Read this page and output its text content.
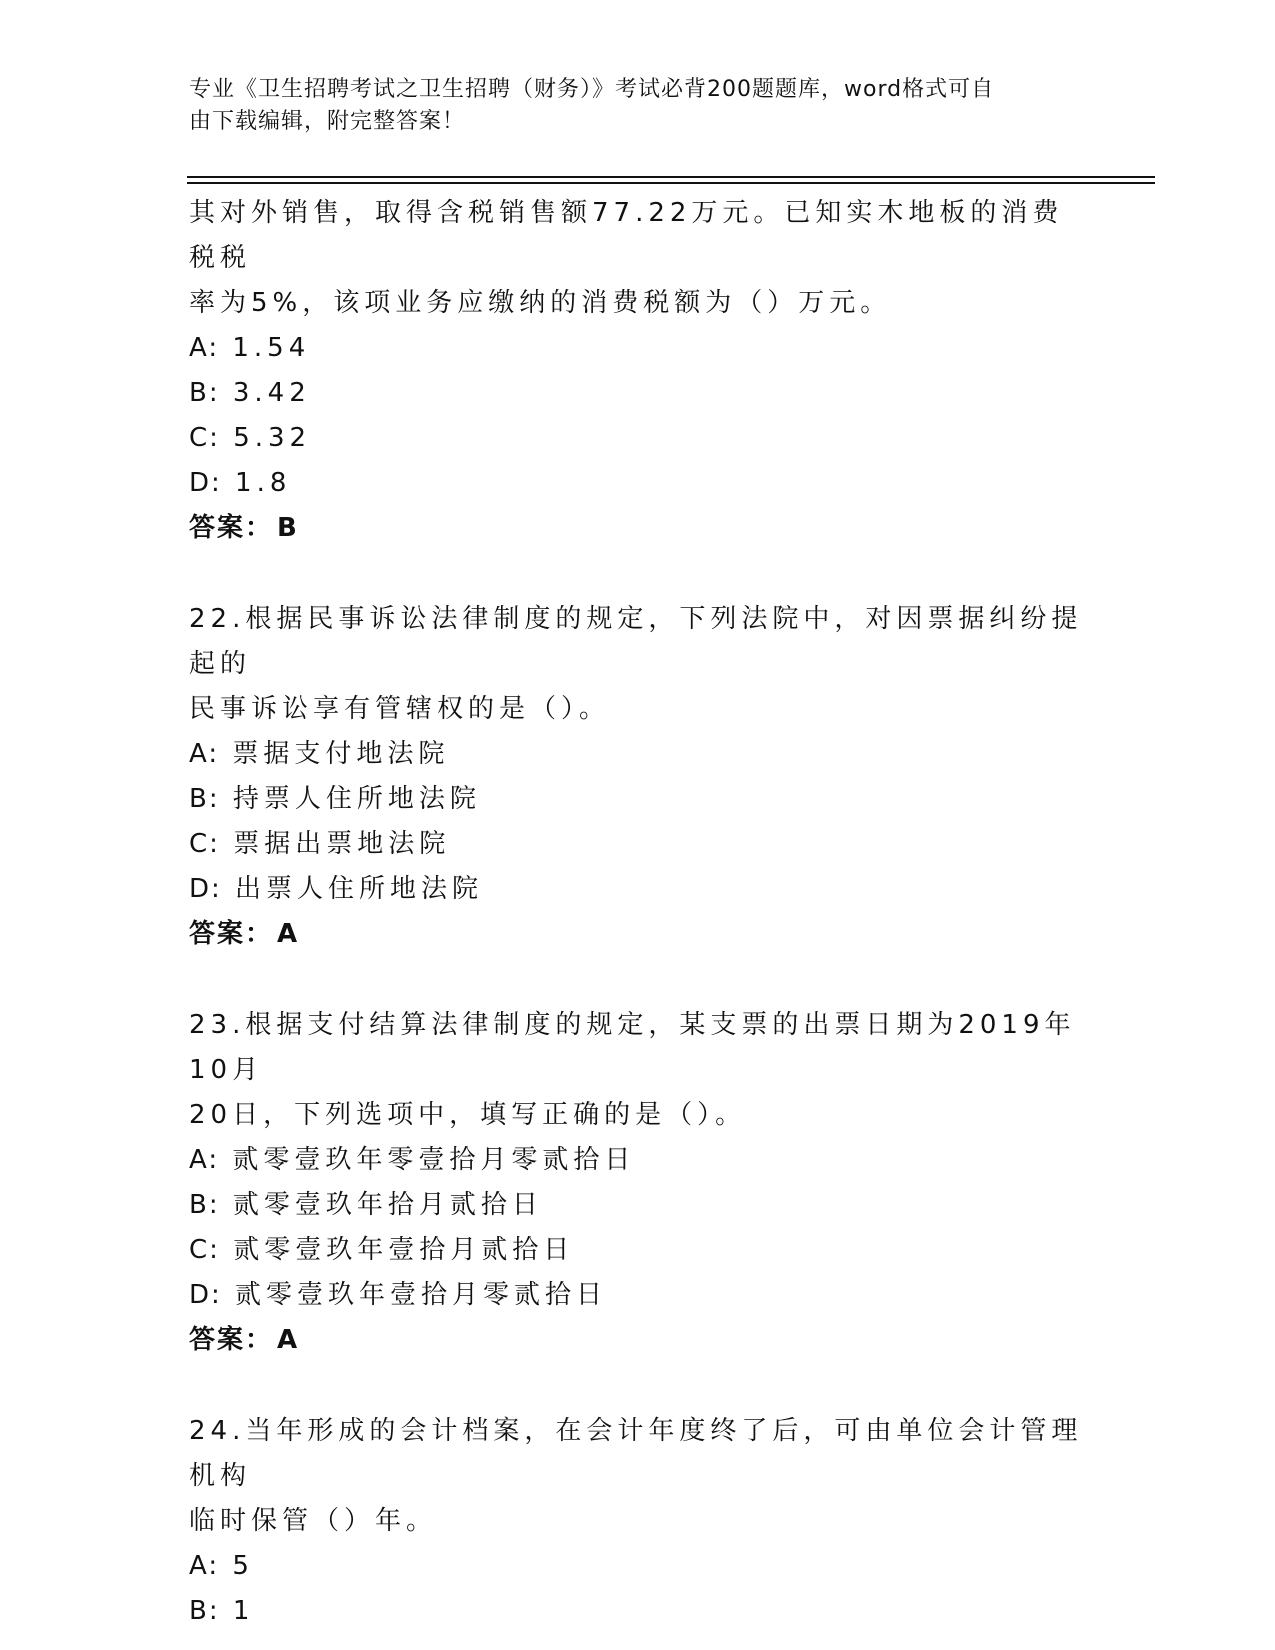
专业《卫生招聘考试之卫生招聘（财务）》考试必背200题题库，word格式可自
由下载编辑，附完整答案！

其对外销售，取得含税销售额77.22万元。已知实木地板的消费税税

率为5%，该项业务应缴纳的消费税额为（）万元。

A: 1.54

B: 3.42

C: 5.32

D: 1.8

答案： B

22.根据民事诉讼法律制度的规定，下列法院中，对因票据纠纷提起的

民事诉讼享有管辖权的是（）。

A: 票据支付地法院

B: 持票人住所地法院

C: 票据出票地法院

D: 出票人住所地法院

答案： A

23.根据支付结算法律制度的规定，某支票的出票日期为2019年10月

20日，下列选项中，填写正确的是（）。

A: 贰零壹玖年零壹拾月零贰拾日

B: 贰零壹玖年拾月贰拾日

C: 贰零壹玖年壹拾月贰拾日

D: 贰零壹玖年壹拾月零贰拾日

答案： A

24.当年形成的会计档案，在会计年度终了后，可由单位会计管理机构

临时保管（）年。

A: 5

B: 1
